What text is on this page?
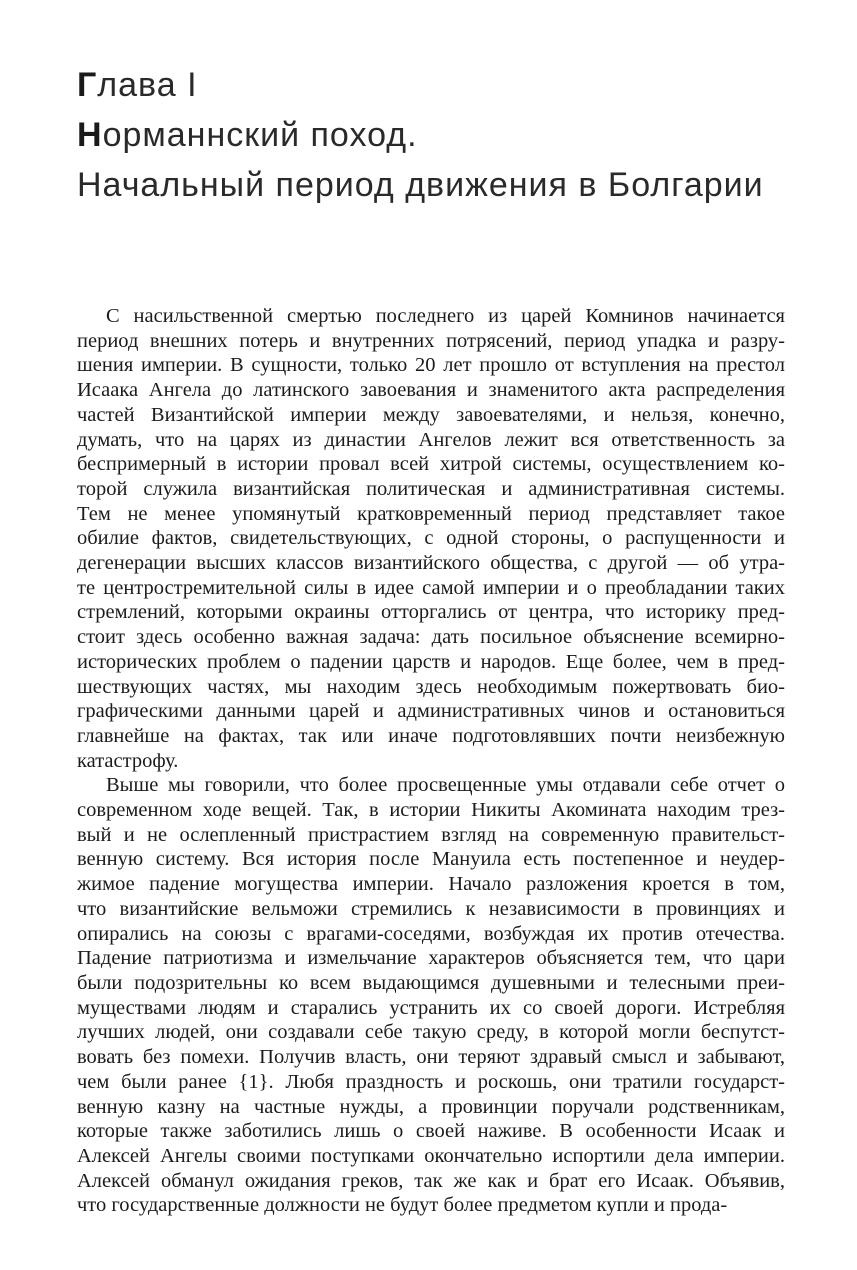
Глава I
Норманнский поход.
Начальный период движения в Болгарии
С насильственной смертью последнего из царей Комнинов начинается
период внешних потерь и внутренних потрясений, период упадка и разру-
шения империи. В сущности, только 20 лет прошло от вступления на престол
Исаака Ангела до латинского завоевания и знаменитого акта распределения
частей Византийской империи между завоевателями, и нельзя, конечно,
думать, что на царях из династии Ангелов лежит вся ответственность за
беспримерный в истории провал всей хитрой системы, осуществлением ко-
торой служила византийская политическая и административная системы.
Тем не менее упомянутый кратковременный период представляет такое
обилие фактов, свидетельствующих, с одной стороны, о распущенности и
дегенерации высших классов византийского общества, с другой — об утра-
те центростремительной силы в идее самой империи и о преобладании таких
стремлений, которыми окраины отторгались от центра, что историку пред-
стоит здесь особенно важная задача: дать посильное объяснение всемирно-
исторических проблем о падении царств и народов. Еще более, чем в пред-
шествующих частях, мы находим здесь необходимым пожертвовать био-
графическими данными царей и административных чинов и остановиться
главнейше на фактах, так или иначе подготовлявших почти неизбежную
катастрофу.
Выше мы говорили, что более просвещенные умы отдавали себе отчет о
современном ходе вещей. Так, в истории Никиты Акомината находим трез-
вый и не ослепленный пристрастием взгляд на современную правительст-
венную систему. Вся история после Мануила есть постепенное и неудер-
жимое падение могущества империи. Начало разложения кроется в том,
что византийские вельможи стремились к независимости в провинциях и
опирались на союзы с врагами-соседями, возбуждая их против отечества.
Падение патриотизма и измельчание характеров объясняется тем, что цари
были подозрительны ко всем выдающимся душевными и телесными преи-
муществами людям и старались устранить их со своей дороги. Истребляя
лучших людей, они создавали себе такую среду, в которой могли беспутст-
вовать без помехи. Получив власть, они теряют здравый смысл и забывают,
чем были ранее {1}. Любя праздность и роскошь, они тратили государст-
венную казну на частные нужды, а провинции поручали родственникам,
которые также заботились лишь о своей наживе. В особенности Исаак и
Алексей Ангелы своими поступками окончательно испортили дела империи.
Алексей обманул ожидания греков, так же как и брат его Исаак. Объявив,
что государственные должности не будут более предметом купли и прода-
